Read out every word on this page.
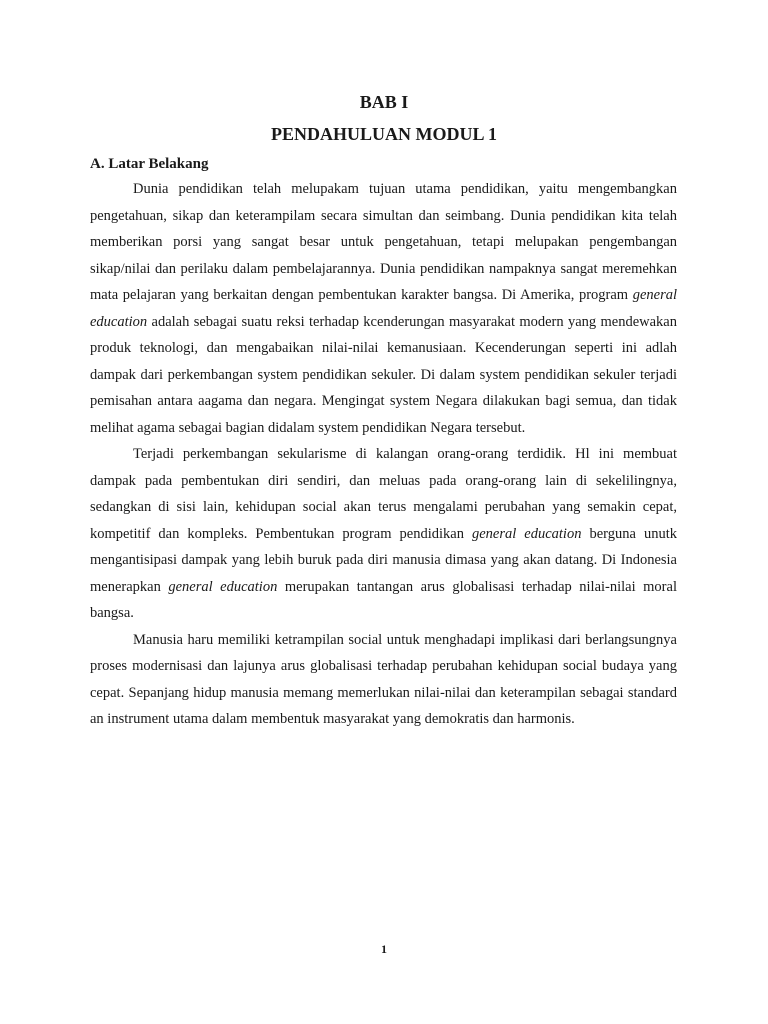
BAB I
PENDAHULUAN MODUL 1
A. Latar Belakang

Dunia pendidikan telah melupakam tujuan utama pendidikan, yaitu mengembangkan pengetahuan, sikap dan keterampilam secara simultan dan seimbang. Dunia pendidikan kita telah memberikan porsi yang sangat besar untuk pengetahuan, tetapi melupakan pengembangan sikap/nilai dan perilaku dalam pembelajarannya. Dunia pendidikan nampaknya sangat meremehkan mata pelajaran yang berkaitan dengan pembentukan karakter bangsa. Di Amerika, program general education adalah sebagai suatu reksi terhadap kcenderungan masyarakat modern yang mendewakan produk teknologi, dan mengabaikan nilai-nilai kemanusiaan. Kecenderungan seperti ini adlah dampak dari perkembangan system pendidikan sekuler. Di dalam system pendidikan sekuler terjadi pemisahan antara aagama dan negara. Mengingat system Negara dilakukan bagi semua, dan tidak melihat agama sebagai bagian didalam system pendidikan Negara tersebut.

Terjadi perkembangan sekularisme di kalangan orang-orang terdidik. Hl ini membuat dampak pada pembentukan diri sendiri, dan meluas pada orang-orang lain di sekelilingnya, sedangkan di sisi lain, kehidupan social akan terus mengalami perubahan yang semakin cepat, kompetitif dan kompleks. Pembentukan program pendidikan general education berguna unutk mengantisipasi dampak yang lebih buruk pada diri manusia dimasa yang akan datang. Di Indonesia menerapkan general education merupakan tantangan arus globalisasi terhadap nilai-nilai moral bangsa.

Manusia haru memiliki ketrampilan social untuk menghadapi implikasi dari berlangsungnya proses modernisasi dan lajunya arus globalisasi terhadap perubahan kehidupan social budaya yang cepat. Sepanjang hidup manusia memang memerlukan nilai-nilai dan keterampilan sebagai standard an instrument utama dalam membentuk masyarakat yang demokratis dan harmonis.

1
